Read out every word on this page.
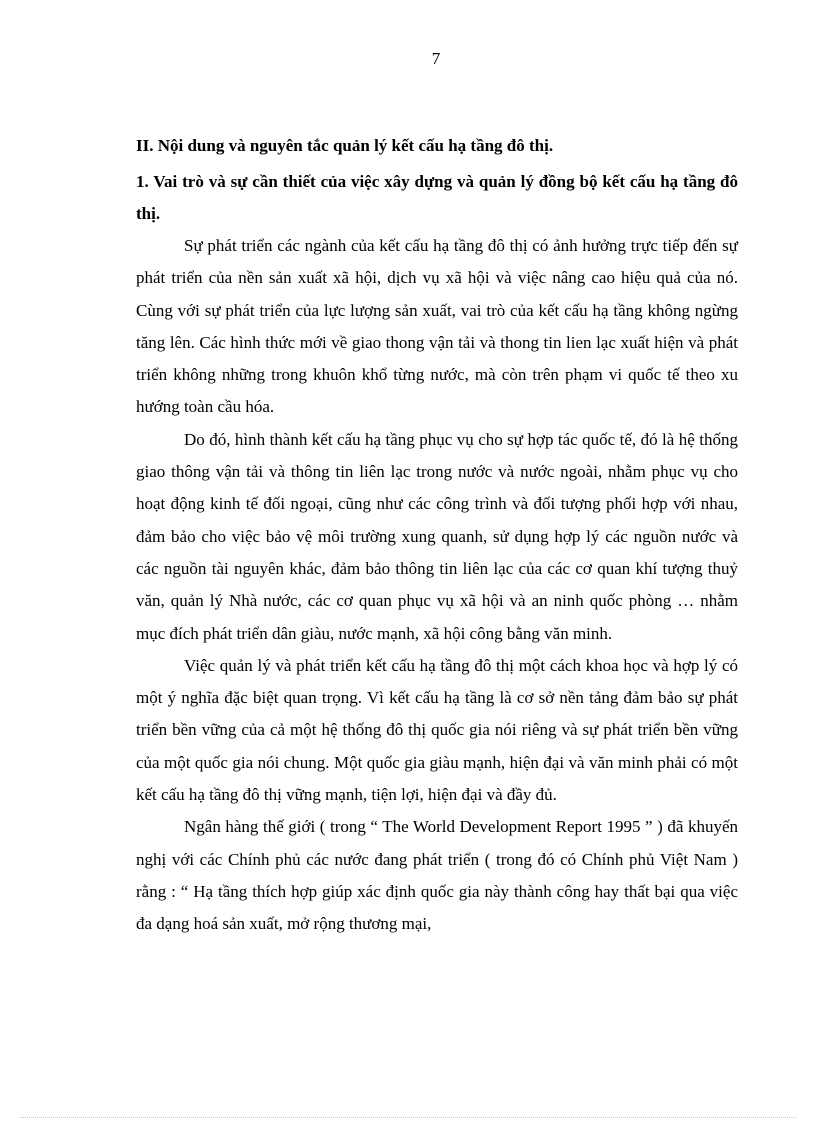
7

II. Nội dung và nguyên tắc quản lý kết cấu hạ tầng đô thị.

1. Vai trò và sự cần thiết của việc xây dựng và quản lý đồng bộ kết cấu hạ tầng đô thị.

Sự phát triển các ngành của kết cấu hạ tầng đô thị có ảnh hưởng trực tiếp đến sự phát triển của nền sản xuất xã hội, dịch vụ xã hội và việc nâng cao hiệu quả của nó. Cùng với sự phát triển của lực lượng sản xuất, vai trò của kết cấu hạ tầng không ngừng tăng lên. Các hình thức mới về giao thong vận tải và thong tin lien lạc xuất hiện và phát triển không những trong khuôn khổ từng nước, mà còn trên phạm vi quốc tế theo xu hướng toàn cầu hóa.

Do đó, hình thành kết cấu hạ tầng phục vụ cho sự hợp tác quốc tế, đó là hệ thống giao thông vận tải và thông tin liên lạc trong nước và nước ngoài, nhằm phục vụ cho hoạt động kinh tế đối ngoại, cũng như các công trình và đối tượng phối hợp với nhau, đảm bảo cho việc bảo vệ môi trường xung quanh, sử dụng hợp lý các nguồn nước và các nguồn tài nguyên khác, đảm bảo thông tin liên lạc của các cơ quan khí tượng thuỷ văn, quản lý Nhà nước, các cơ quan phục vụ xã hội và an ninh quốc phòng … nhằm mục đích phát triển dân giàu, nước mạnh, xã hội công bằng văn minh.

Việc quản lý và phát triển kết cấu hạ tầng đô thị một cách khoa học và hợp lý có một ý nghĩa đặc biệt quan trọng. Vì kết cấu hạ tầng là cơ sở nền tảng đảm bảo sự phát triển bền vững của cả một hệ thống đô thị quốc gia nói riêng và sự phát triển bền vững của một quốc gia nói chung. Một quốc gia giàu mạnh, hiện đại và văn minh phải có một kết cấu hạ tầng đô thị vững mạnh, tiện lợi, hiện đại và đầy đủ.

Ngân hàng thế giới ( trong “ The World Development Report 1995 ” ) đã khuyến nghị với các Chính phủ các nước đang phát triển ( trong đó có Chính phủ Việt Nam ) rằng : “ Hạ tầng thích hợp giúp xác định quốc gia này thành công hay thất bại qua việc đa dạng hoá sản xuất, mở rộng thương mại,
